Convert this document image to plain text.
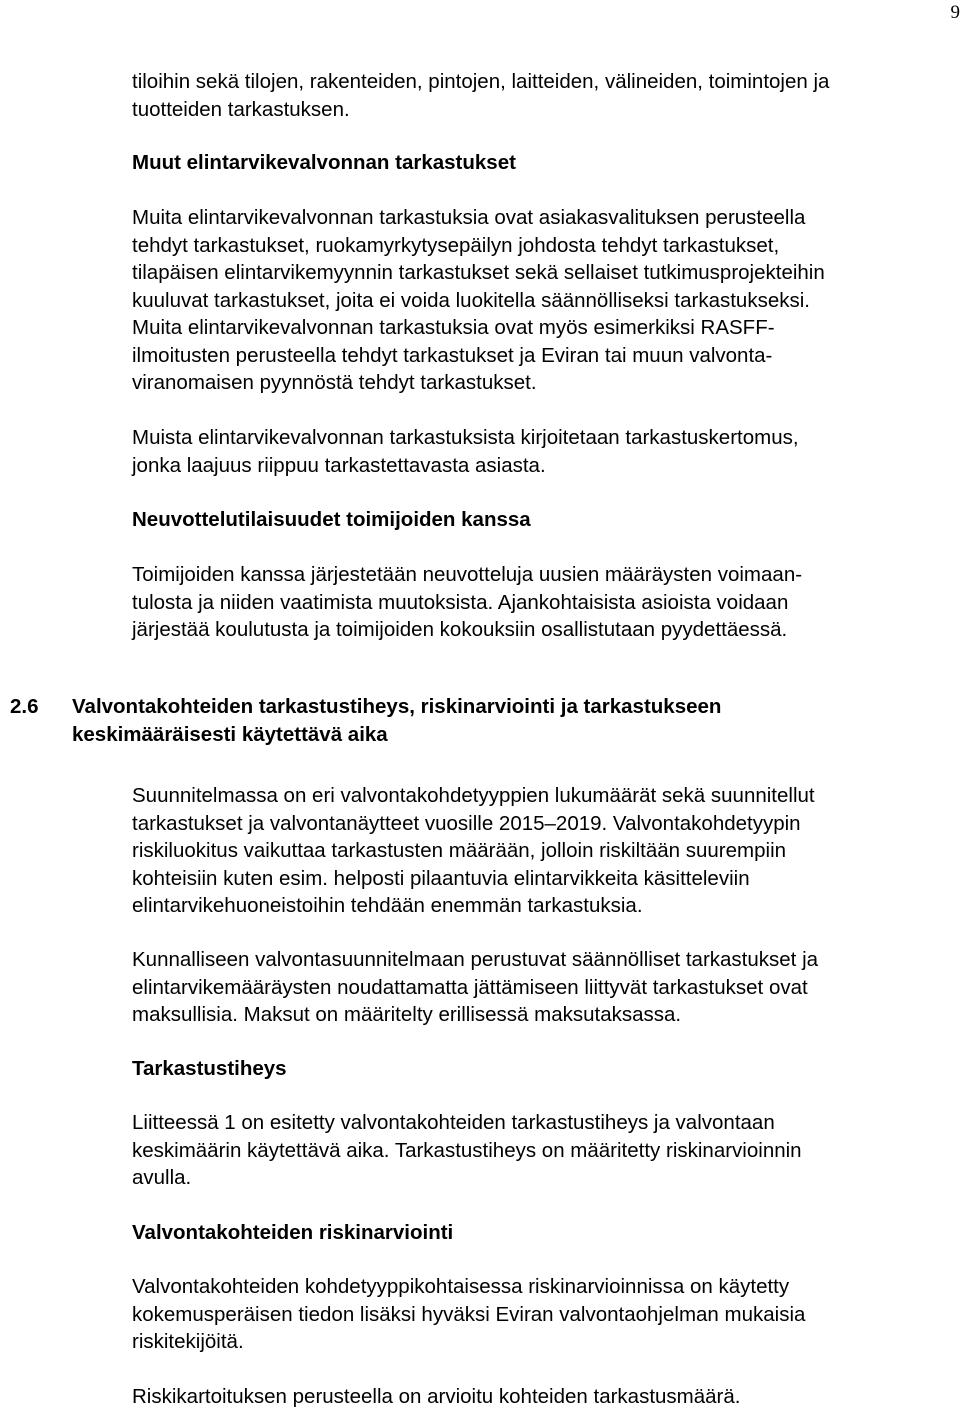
9
tiloihin sekä tilojen, rakenteiden, pintojen, laitteiden, välineiden, toimintojen ja
tuotteiden tarkastuksen.
Muut elintarvikevalvonnan tarkastukset
Muita elintarvikevalvonnan tarkastuksia ovat asiakasvalituksen perusteella
tehdyt tarkastukset, ruokamyrkytysepäilyn johdosta tehdyt tarkastukset,
tilapäisen elintarvikemyynnin tarkastukset sekä sellaiset tutkimusprojekteihin
kuuluvat tarkastukset, joita ei voida luokitella säännölliseksi tarkastukseksi.
Muita elintarvikevalvonnan tarkastuksia ovat myös esimerkiksi RASFF-
ilmoitusten perusteella tehdyt tarkastukset ja Eviran tai muun valvonta-
viranomaisen pyynnöstä tehdyt tarkastukset.
Muista elintarvikevalvonnan tarkastuksista kirjoitetaan tarkastuskertomus,
jonka laajuus riippuu tarkastettavasta asiasta.
Neuvottelutilaisuudet toimijoiden kanssa
Toimijoiden kanssa järjestetään neuvotteluja uusien määräysten voimaan-
tulosta ja niiden vaatimista muutoksista. Ajankohtaisista asioista voidaan
järjestää koulutusta ja toimijoiden kokouksiin osallistutaan pyydettäessä.
2.6 Valvontakohteiden tarkastustiheys, riskinarviointi ja tarkastukseen
keskimääräisesti käytettävä aika
Suunnitelmassa on eri valvontakohdetyyppien lukumäärät sekä suunnitellut
tarkastukset ja valvontanäytteet vuosille 2015–2019. Valvontakohdetyypin
riskiluokitus vaikuttaa tarkastusten määrään, jolloin riskiltään suurempiin
kohteisiin kuten esim. helposti pilaantuvia elintarvikkeita käsitteleviin
elintarvikehuoneistoihin tehdään enemmän tarkastuksia.
Kunnalliseen valvontasuunnitelmaan perustuvat säännölliset tarkastukset ja
elintarvikemääräysten noudattamatta jättämiseen liittyvät tarkastukset ovat
maksullisia. Maksut on määritelty erillisessä maksutaksassa.
Tarkastustiheys
Liitteessä 1 on esitetty valvontakohteiden tarkastustiheys ja valvontaan
keskimäärin käytettävä aika. Tarkastustiheys on määritetty riskinarvioinnin
avulla.
Valvontakohteiden riskinarviointi
Valvontakohteiden kohdetyyppikohtaisessa riskinarvioinnissa on käytetty
kokemusperäisen tiedon lisäksi hyväksi Eviran valvontaohjelman mukaisia
riskitekijöitä.
Riskikartoituksen perusteella on arvioitu kohteiden tarkastusmäärä.
